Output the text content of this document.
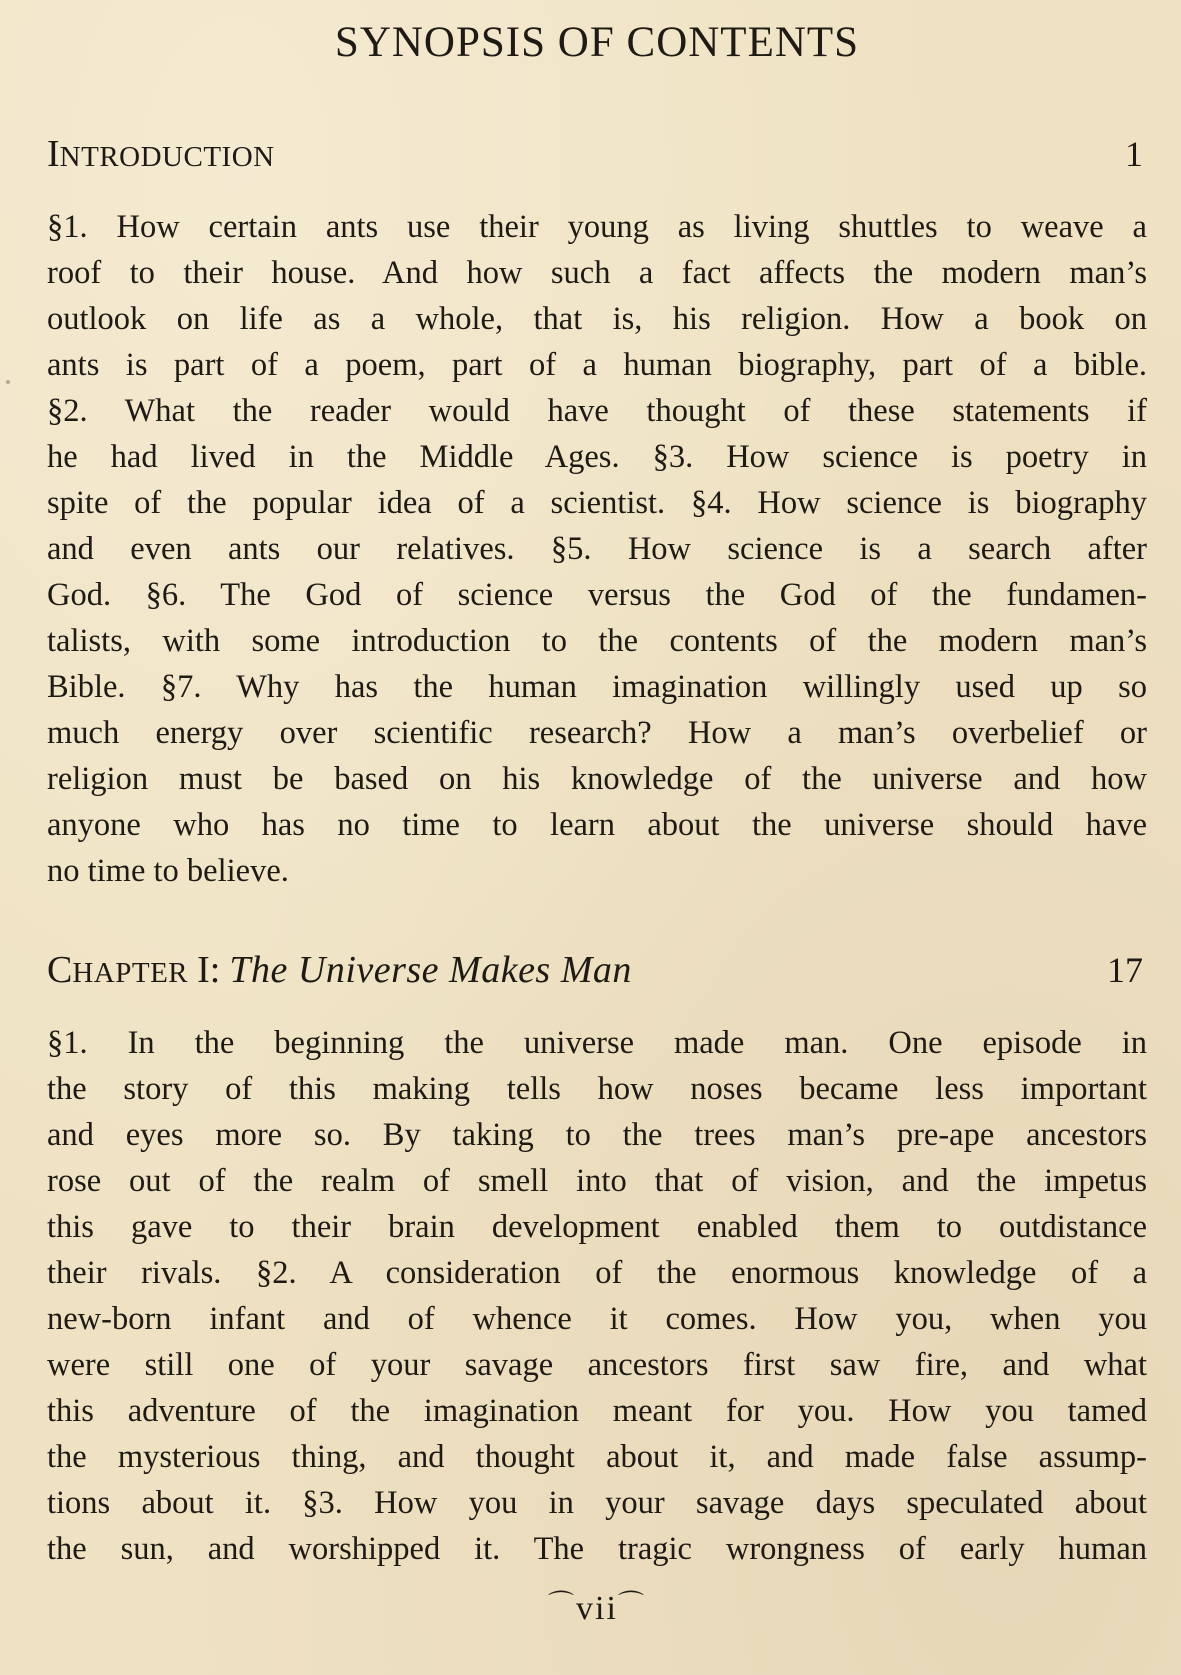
SYNOPSIS OF CONTENTS
INTRODUCTION	1
§1. How certain ants use their young as living shuttles to weave a
roof to their house. And how such a fact affects the modern man’s
outlook on life as a whole, that is, his religion. How a book on
ants is part of a poem, part of a human biography, part of a bible.
§2. What the reader would have thought of these statements if
he had lived in the Middle Ages. §3. How science is poetry in
spite of the popular idea of a scientist. §4. How science is biography
and even ants our relatives. §5. How science is a search after
God. §6. The God of science versus the God of the fundamen-
talists, with some introduction to the contents of the modern man’s
Bible. §7. Why has the human imagination willingly used up so
much energy over scientific research? How a man’s overbelief or
religion must be based on his knowledge of the universe and how
anyone who has no time to learn about the universe should have
no time to believe.
CHAPTER I: The Universe Makes Man	17
§1. In the beginning the universe made man. One episode in
the story of this making tells how noses became less important
and eyes more so. By taking to the trees man’s pre-ape ancestors
rose out of the realm of smell into that of vision, and the impetus
this gave to their brain development enabled them to outdistance
their rivals. §2. A consideration of the enormous knowledge of a
new-born infant and of whence it comes. How you, when you
were still one of your savage ancestors first saw fire, and what
this adventure of the imagination meant for you. How you tamed
the mysterious thing, and thought about it, and made false assump-
tions about it. §3. How you in your savage days speculated about
the sun, and worshipped it. The tragic wrongness of early human
⌒vii⌒
